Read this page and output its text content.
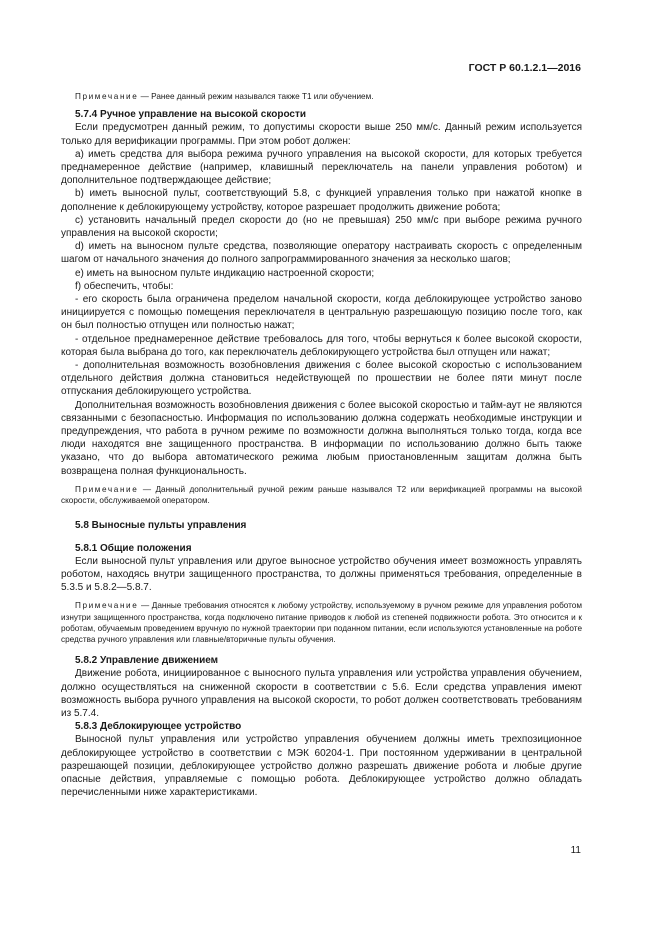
ГОСТ Р 60.1.2.1—2016

Примечание — Ранее данный режим назывался также Т1 или обучением.

5.7.4 Ручное управление на высокой скорости

Если предусмотрен данный режим, то допустимы скорости выше 250 мм/с. Данный режим используется только для верификации программы. При этом робот должен:

а) иметь средства для выбора режима ручного управления на высокой скорости, для которых требуется преднамеренное действие (например, клавишный переключатель на панели управления роботом) и дополнительное подтверждающее действие;

b) иметь выносной пульт, соответствующий 5.8, с функцией управления только при нажатой кнопке в дополнение к деблокирующему устройству, которое разрешает продолжить движение робота;

с) установить начальный предел скорости до (но не превышая) 250 мм/с при выборе режима ручного управления на высокой скорости;

d) иметь на выносном пульте средства, позволяющие оператору настраивать скорость с определенным шагом от начального значения до полного запрограммированного значения за несколько шагов;

е) иметь на выносном пульте индикацию настроенной скорости;

f) обеспечить, чтобы:

- его скорость была ограничена пределом начальной скорости, когда деблокирующее устройство заново инициируется с помощью помещения переключателя в центральную разрешающую позицию после того, как он был полностью отпущен или полностью нажат;

- отдельное преднамеренное действие требовалось для того, чтобы вернуться к более высокой скорости, которая была выбрана до того, как переключатель деблокирующего устройства был отпущен или нажат;

- дополнительная возможность возобновления движения с более высокой скоростью с использованием отдельного действия должна становиться недействующей по прошествии не более пяти минут после отпускания деблокирующего устройства.

Дополнительная возможность возобновления движения с более высокой скоростью и тайм-аут не являются связанными с безопасностью. Информация по использованию должна содержать необходимые инструкции и предупреждения, что работа в ручном режиме по возможности должна выполняться только тогда, когда все люди находятся вне защищенного пространства. В информации по использованию должно быть также указано, что до выбора автоматического режима любым приостановленным защитам должна быть возвращена полная функциональность.

Примечание — Данный дополнительный ручной режим раньше назывался Т2 или верификацией программы на высокой скорости, обслуживаемой оператором.

5.8 Выносные пульты управления

5.8.1 Общие положения

Если выносной пульт управления или другое выносное устройство обучения имеет возможность управлять роботом, находясь внутри защищенного пространства, то должны применяться требования, определенные в 5.3.5 и 5.8.2—5.8.7.

Примечание — Данные требования относятся к любому устройству, используемому в ручном режиме для управления роботом изнутри защищенного пространства, когда подключено питание приводов к любой из степеней подвижности робота. Это относится и к роботам, обучаемым проведением вручную по нужной траектории при поданном питании, если используются установленные на роботе средства ручного управления или главные/вторичные пульты обучения.

5.8.2 Управление движением

Движение робота, инициированное с выносного пульта управления или устройства управления обучением, должно осуществляться на сниженной скорости в соответствии с 5.6. Если средства управления имеют возможность выбора ручного управления на высокой скорости, то робот должен соответствовать требованиям из 5.7.4.

5.8.3 Деблокирующее устройство

Выносной пульт управления или устройство управления обучением должны иметь трехпозиционное деблокирующее устройство в соответствии с МЭК 60204-1. При постоянном удерживании в центральной разрешающей позиции, деблокирующее устройство должно разрешать движение робота и любые другие опасные действия, управляемые с помощью робота. Деблокирующее устройство должно обладать перечисленными ниже характеристиками.

11
